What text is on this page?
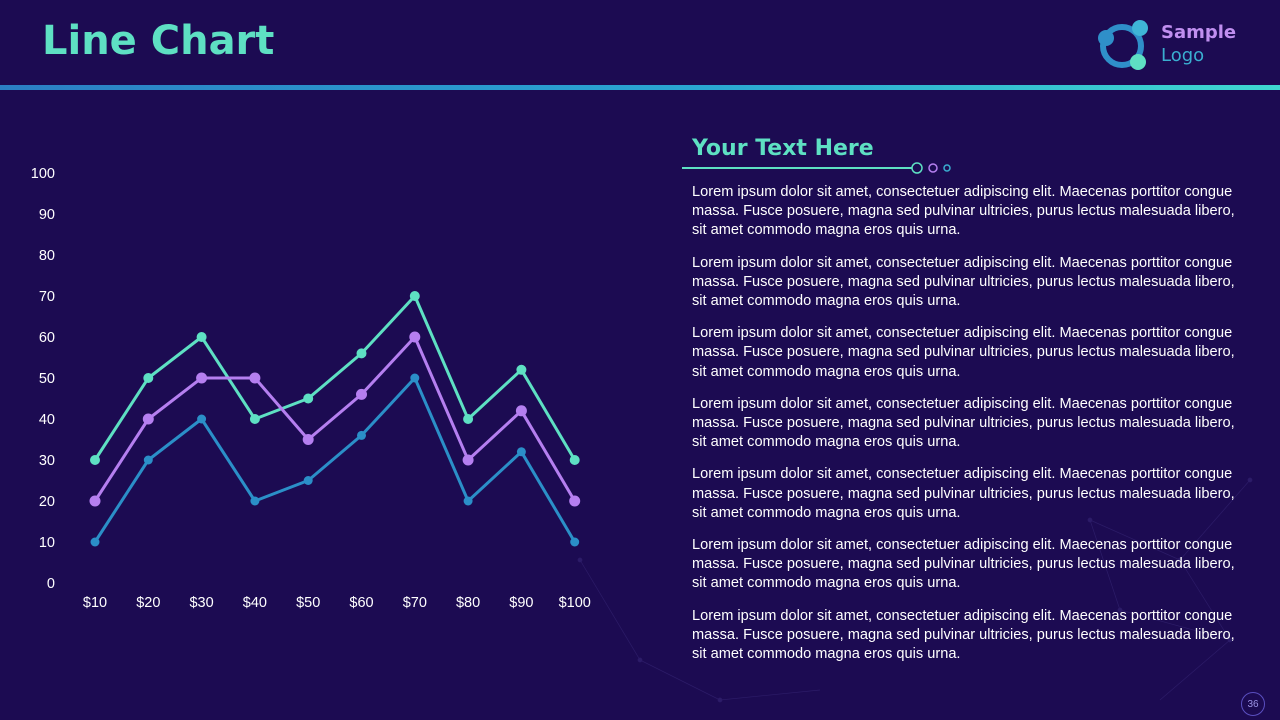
Line Chart	Sample
Logo
0
10
20
30
40
50
60
70
80
90
100
$10 $20 $30 $40 $50 $60 $70 $80 $90 $100
Your Text Here

Lorem ipsum dolor sit amet, consectetuer adipiscing elit. Maecenas porttitor congue massa. Fusce posuere, magna sed pulvinar ultricies, purus lectus malesuada libero, sit amet commodo magna eros quis urna.

Lorem ipsum dolor sit amet, consectetuer adipiscing elit. Maecenas porttitor congue massa. Fusce posuere, magna sed pulvinar ultricies, purus lectus malesuada libero, sit amet commodo magna eros quis urna.

Lorem ipsum dolor sit amet, consectetuer adipiscing elit. Maecenas porttitor congue massa. Fusce posuere, magna sed pulvinar ultricies, purus lectus malesuada libero, sit amet commodo magna eros quis urna.

Lorem ipsum dolor sit amet, consectetuer adipiscing elit. Maecenas porttitor congue massa. Fusce posuere, magna sed pulvinar ultricies, purus lectus malesuada libero, sit amet commodo magna eros quis urna.

Lorem ipsum dolor sit amet, consectetuer adipiscing elit. Maecenas porttitor congue massa. Fusce posuere, magna sed pulvinar ultricies, purus lectus malesuada libero, sit amet commodo magna eros quis urna.

Lorem ipsum dolor sit amet, consectetuer adipiscing elit. Maecenas porttitor congue massa. Fusce posuere, magna sed pulvinar ultricies, purus lectus malesuada libero, sit amet commodo magna eros quis urna.

Lorem ipsum dolor sit amet, consectetuer adipiscing elit. Maecenas porttitor congue massa. Fusce posuere, magna sed pulvinar ultricies, purus lectus malesuada libero, sit amet commodo magna eros quis urna.

36
